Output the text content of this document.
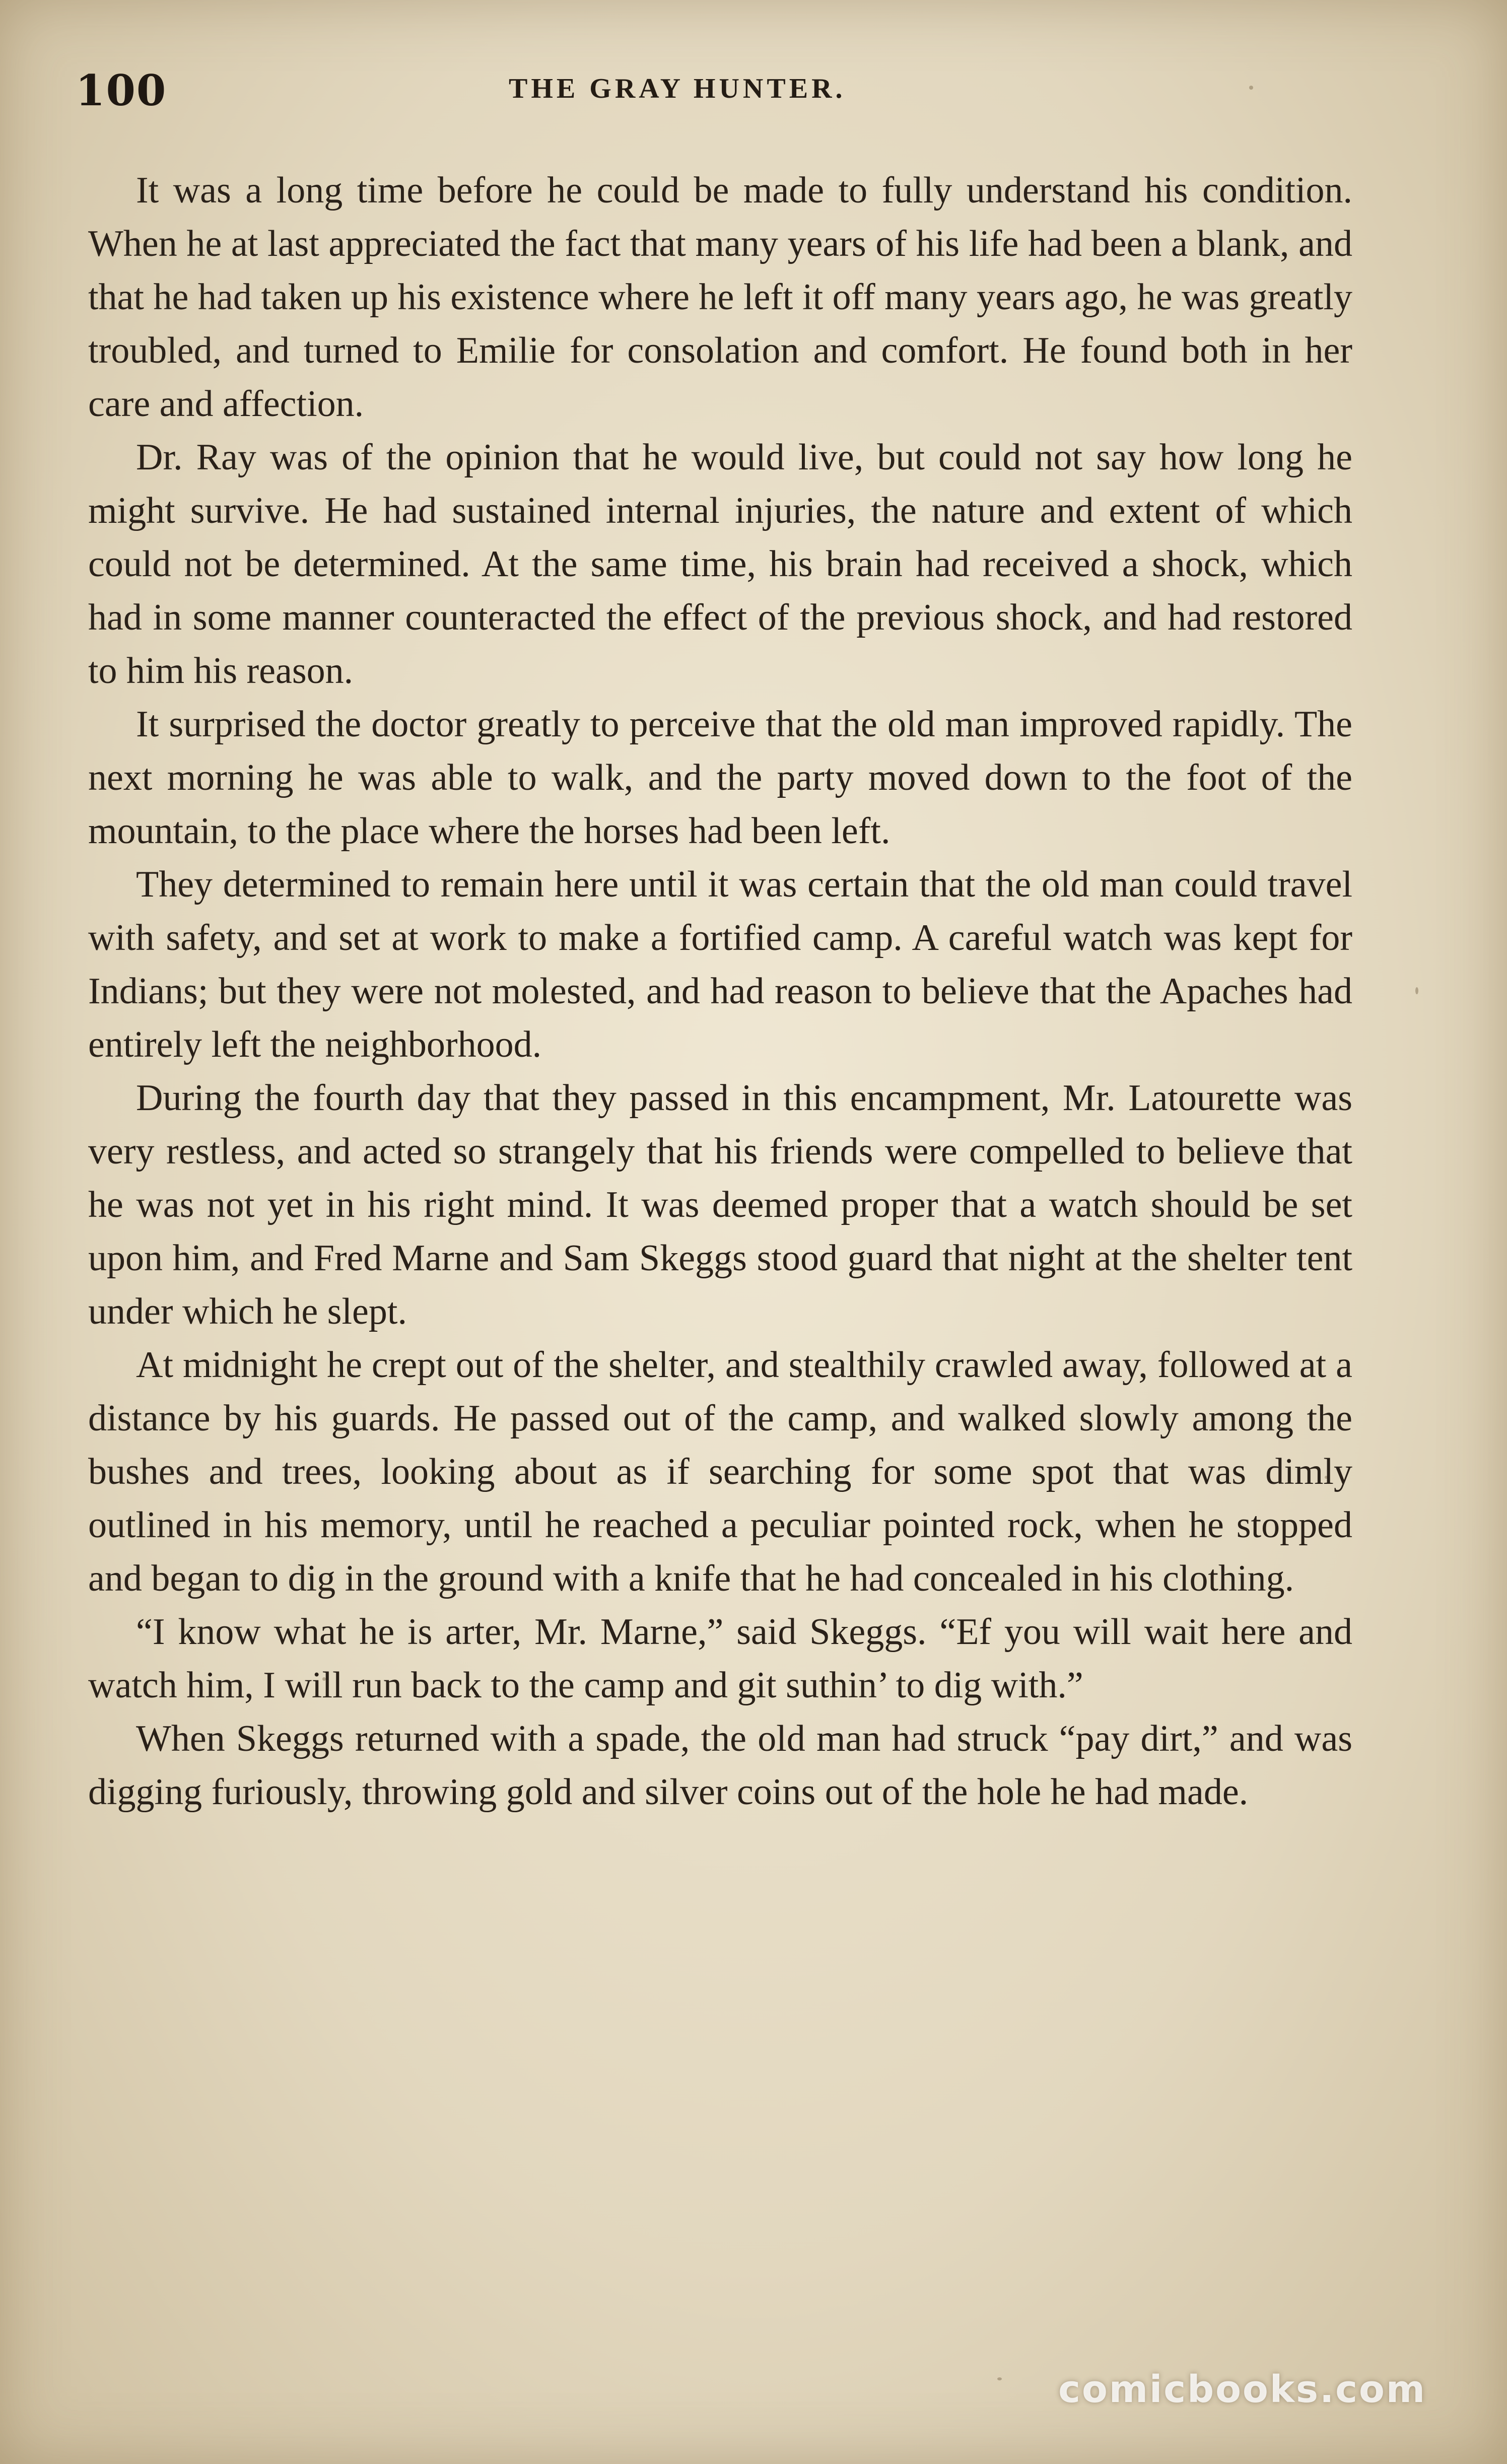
100	THE GRAY HUNTER.

It was a long time before he could be made to fully understand his condition. When he at last appreciated the fact that many years of his life had been a blank, and that he had taken up his existence where he left it off many years ago, he was greatly troubled, and turned to Emilie for consolation and comfort. He found both in her care and affection.

Dr. Ray was of the opinion that he would live, but could not say how long he might survive. He had sustained internal injuries, the nature and extent of which could not be determined. At the same time, his brain had received a shock, which had in some manner counteracted the effect of the previous shock, and had restored to him his reason.

It surprised the doctor greatly to perceive that the old man improved rapidly. The next morning he was able to walk, and the party moved down to the foot of the mountain, to the place where the horses had been left.

They determined to remain here until it was certain that the old man could travel with safety, and set at work to make a fortified camp. A careful watch was kept for Indians; but they were not molested, and had reason to believe that the Apaches had entirely left the neighborhood.

During the fourth day that they passed in this encampment, Mr. Latourette was very restless, and acted so strangely that his friends were compelled to believe that he was not yet in his right mind. It was deemed proper that a watch should be set upon him, and Fred Marne and Sam Skeggs stood guard that night at the shelter tent under which he slept.

At midnight he crept out of the shelter, and stealthily crawled away, followed at a distance by his guards. He passed out of the camp, and walked slowly among the bushes and trees, looking about as if searching for some spot that was dimly outlined in his memory, until he reached a peculiar pointed rock, when he stopped and began to dig in the ground with a knife that he had concealed in his clothing.

“I know what he is arter, Mr. Marne,” said Skeggs. “Ef you will wait here and watch him, I will run back to the camp and git suthin’ to dig with.”

When Skeggs returned with a spade, the old man had struck “pay dirt,” and was digging furiously, throwing gold and silver coins out of the hole he had made.

comicbooks.com
